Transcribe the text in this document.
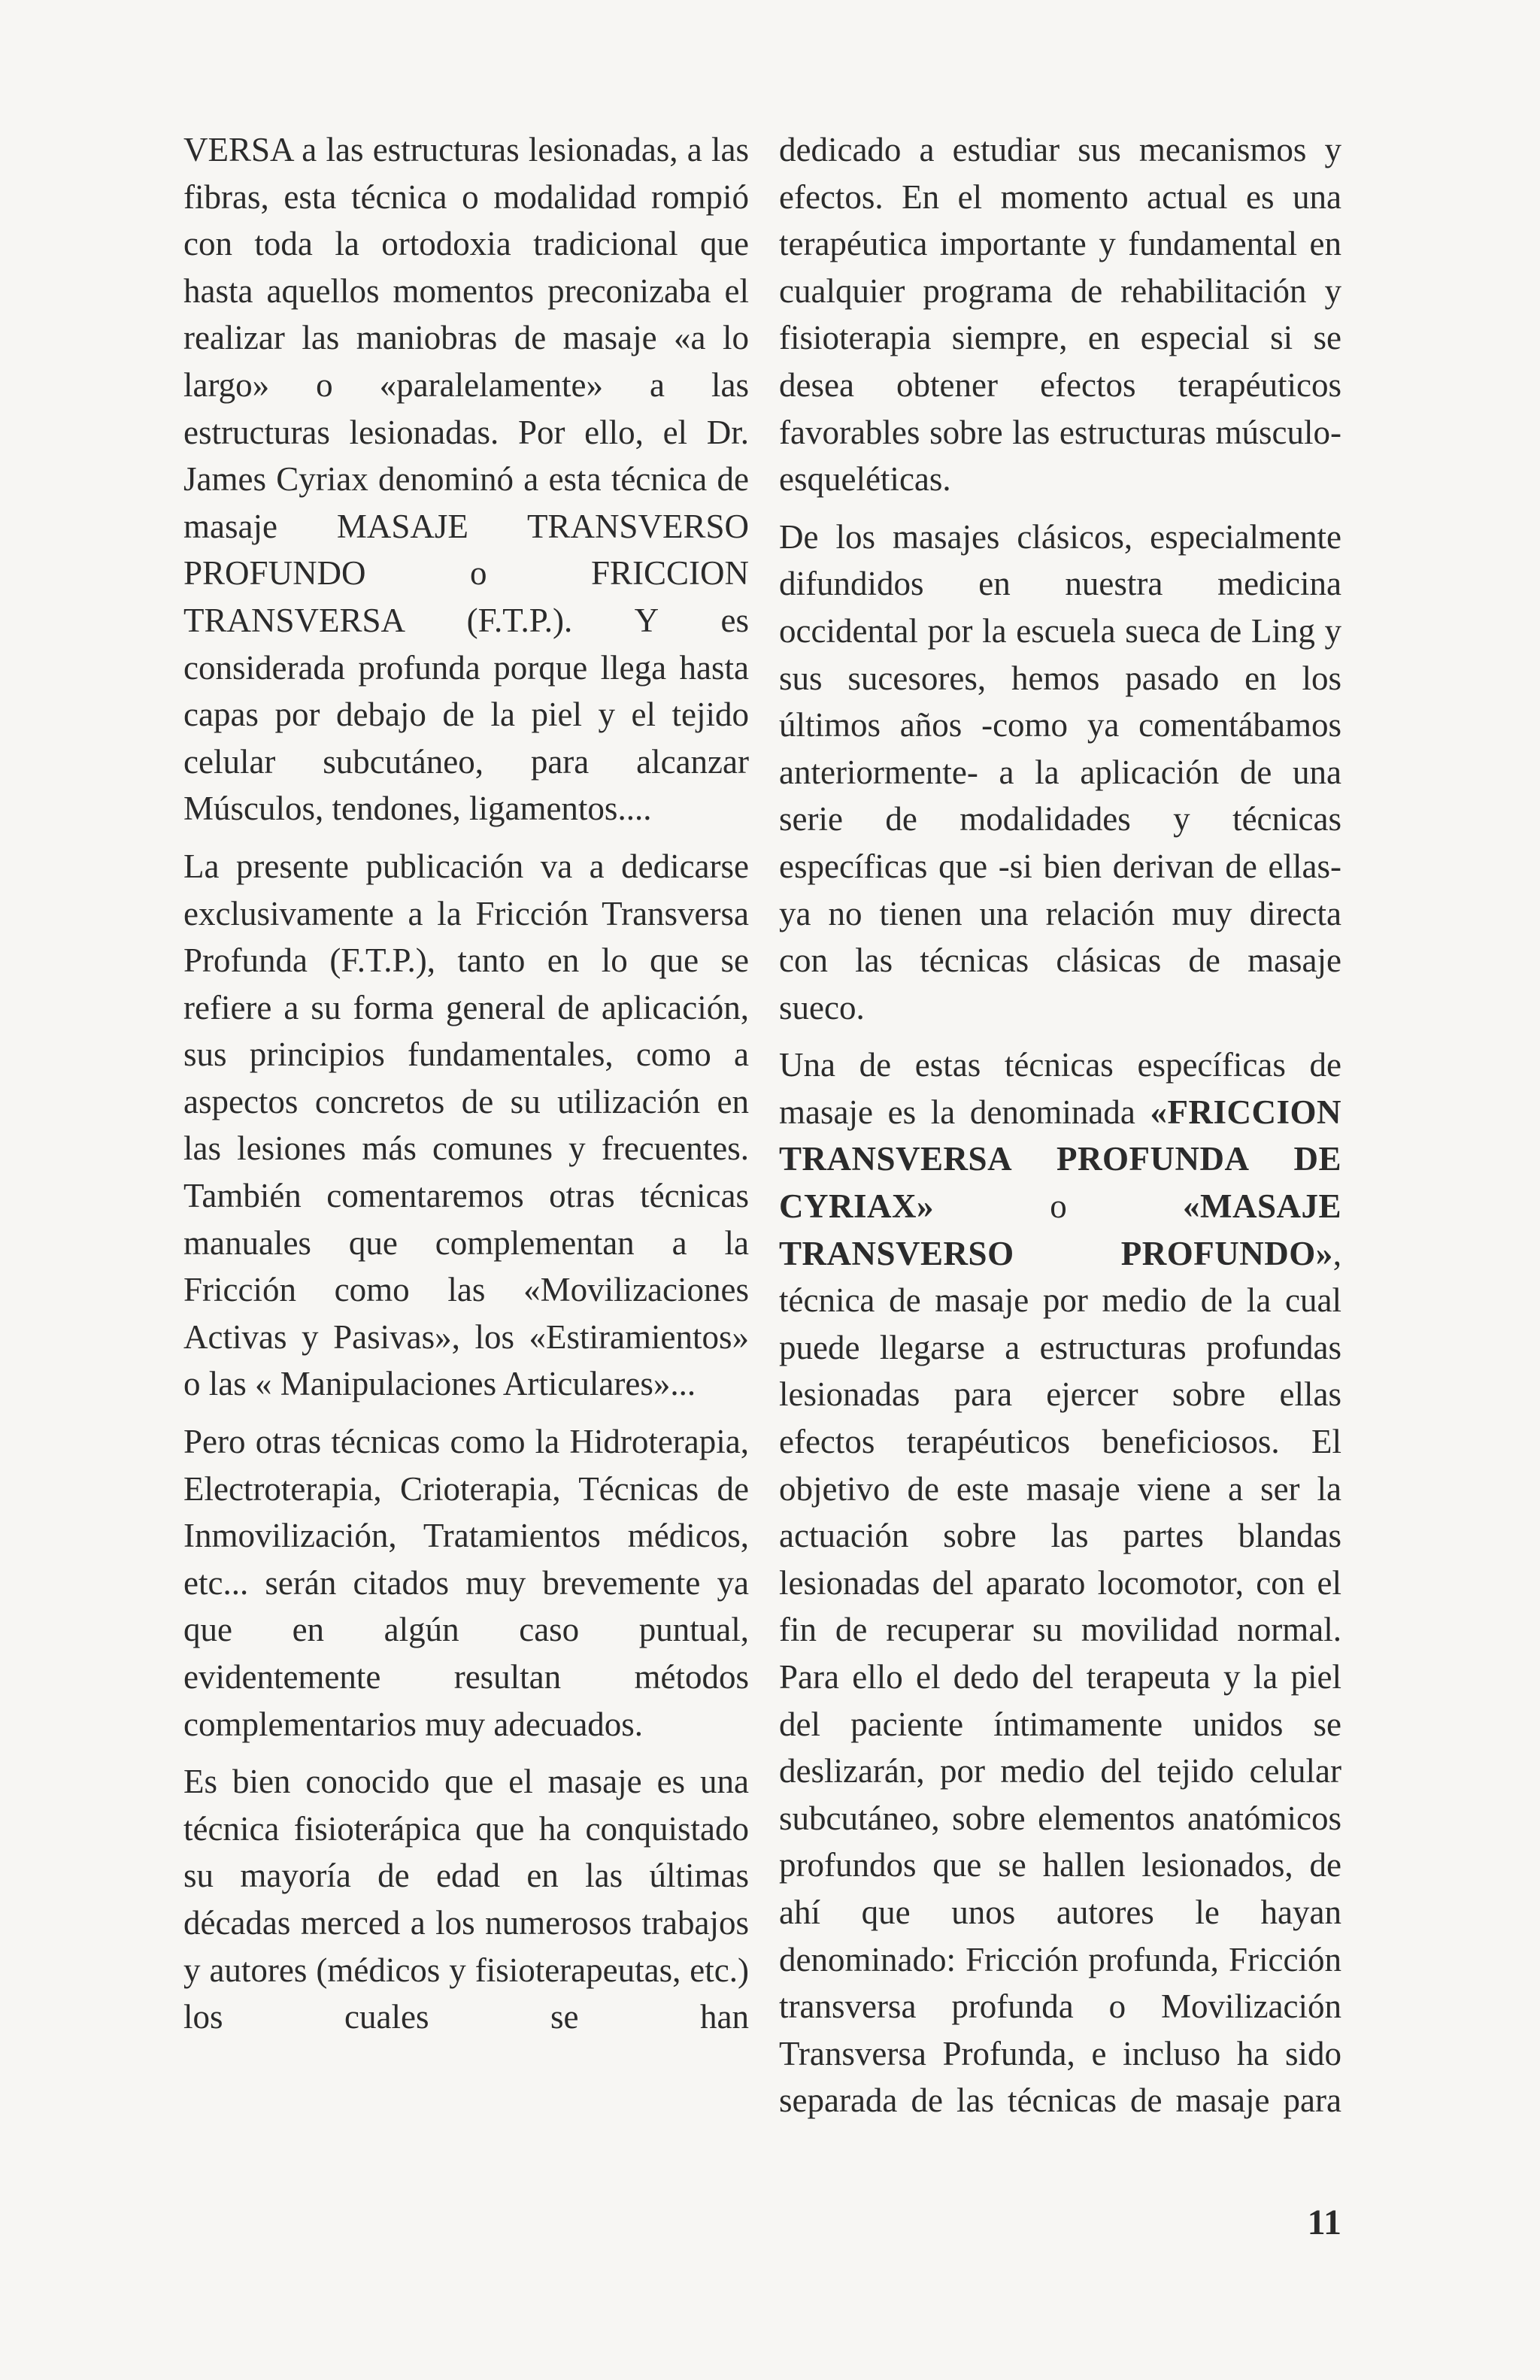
VERSA a las estructuras lesionadas, a las fibras, esta técnica o modalidad rompió con toda la ortodoxia tradicional que hasta aquellos momentos preconizaba el realizar las maniobras de masaje «a lo largo» o «paralelamente» a las estructuras lesionadas. Por ello, el Dr. James Cyriax denominó a esta técnica de masaje MASAJE TRANSVERSO PROFUNDO o FRICCION TRANSVERSA (F.T.P.). Y es considerada profunda porque llega hasta capas por debajo de la piel y el tejido celular subcutáneo, para alcanzar Músculos, tendones, ligamentos....

La presente publicación va a dedicarse exclusivamente a la Fricción Transversa Profunda (F.T.P.), tanto en lo que se refiere a su forma general de aplicación, sus principios fundamentales, como a aspectos concretos de su utilización en las lesiones más comunes y frecuentes. También comentaremos otras técnicas manuales que complementan a la Fricción como las «Movilizaciones Activas y Pasivas», los «Estiramientos» o las « Manipulaciones Articulares»...

Pero otras técnicas como la Hidroterapia, Electroterapia, Crioterapia, Técnicas de Inmovilización, Tratamientos médicos, etc... serán citados muy brevemente ya que en algún caso puntual, evidentemente resultan métodos complementarios muy adecuados.

Es bien conocido que el masaje es una técnica fisioterápica que ha conquistado su mayoría de edad en las últimas décadas merced a los numerosos trabajos y autores (médicos y fisioterapeutas, etc.) los cuales se han

dedicado a estudiar sus mecanismos y efectos. En el momento actual es una terapéutica importante y fundamental en cualquier programa de rehabilitación y fisioterapia siempre, en especial si se desea obtener efectos terapéuticos favorables sobre las estructuras músculo-esqueléticas.

De los masajes clásicos, especialmente difundidos en nuestra medicina occidental por la escuela sueca de Ling y sus sucesores, hemos pasado en los últimos años -como ya comentábamos anteriormente- a la aplicación de una serie de modalidades y técnicas específicas que -si bien derivan de ellas- ya no tienen una relación muy directa con las técnicas clásicas de masaje sueco.

Una de estas técnicas específicas de masaje es la denominada «FRICCION TRANSVERSA PROFUNDA DE CYRIAX» o «MASAJE TRANSVERSO PROFUNDO», técnica de masaje por medio de la cual puede llegarse a estructuras profundas lesionadas para ejercer sobre ellas efectos terapéuticos beneficiosos. El objetivo de este masaje viene a ser la actuación sobre las partes blandas lesionadas del aparato locomotor, con el fin de recuperar su movilidad normal. Para ello el dedo del terapeuta y la piel del paciente íntimamente unidos se deslizarán, por medio del tejido celular subcutáneo, sobre elementos anatómicos profundos que se hallen lesionados, de ahí que unos autores le hayan denominado: Fricción profunda, Fricción transversa profunda o Movilización Transversa Profunda, e incluso ha sido separada de las técnicas de masaje para

11
